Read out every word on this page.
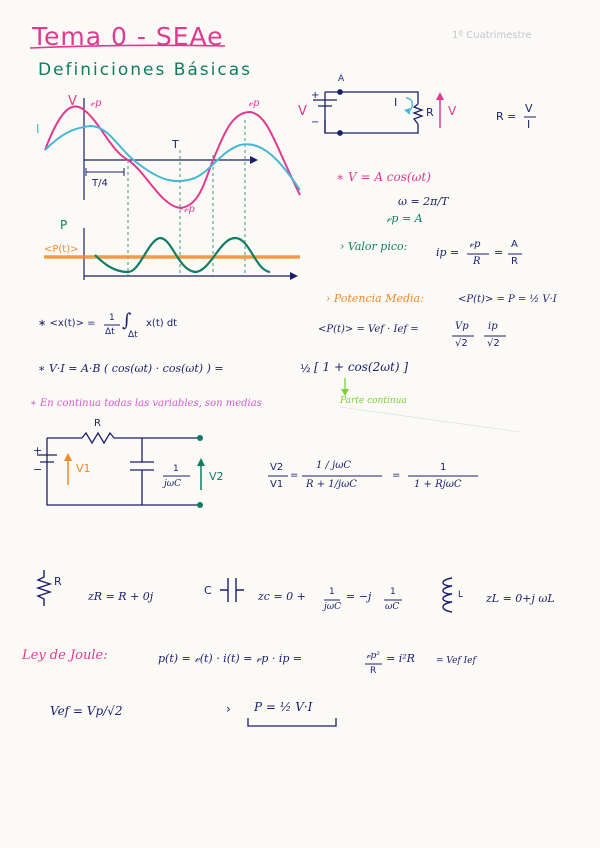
Tema 0 - SEAe
Definiciones Básicas
1º Cuatrimestre
V 𝓋p	𝓋p
-𝓋p
I
T
T/4
P
<P(t)>
V
+
−
A
I
R V	R =
V
I
∗ V = A cos(ωt)
ω = 2π/T
𝓋p = A
› Valor pico:	ip =
𝓋p
R
=
A
R
› Potencia Media:	<P(t)> = P = ½ V·I
<P(t)> = Vef · Ief =	Vp
√2
ip
√2
∗ <x(t)> = 1
Δt
∫
Δt
x(t) dt
∗ V·I = A·B ( cos(ωt) · cos(ωt) ) =	½ [ 1 + cos(2ωt) ]
Parte continua
∗ En continua todas las variables, son medias
R
+
−	V1	1
jωC
V2
V2
V1
=
1 / jωC
R + 1/jωC
=
1
1 + RjωC
R
zR = R + 0j	C	zc = 0 +	1
jωC
= −j 1
ωC
L zL = 0+j ωL
Ley de Joule:	p(t) = 𝓋(t) · i(t) = 𝓋p · ip =	𝓋p²
R
= i²R = Vef Ief
Vef = Vp/√2	› P = ½ V·I
